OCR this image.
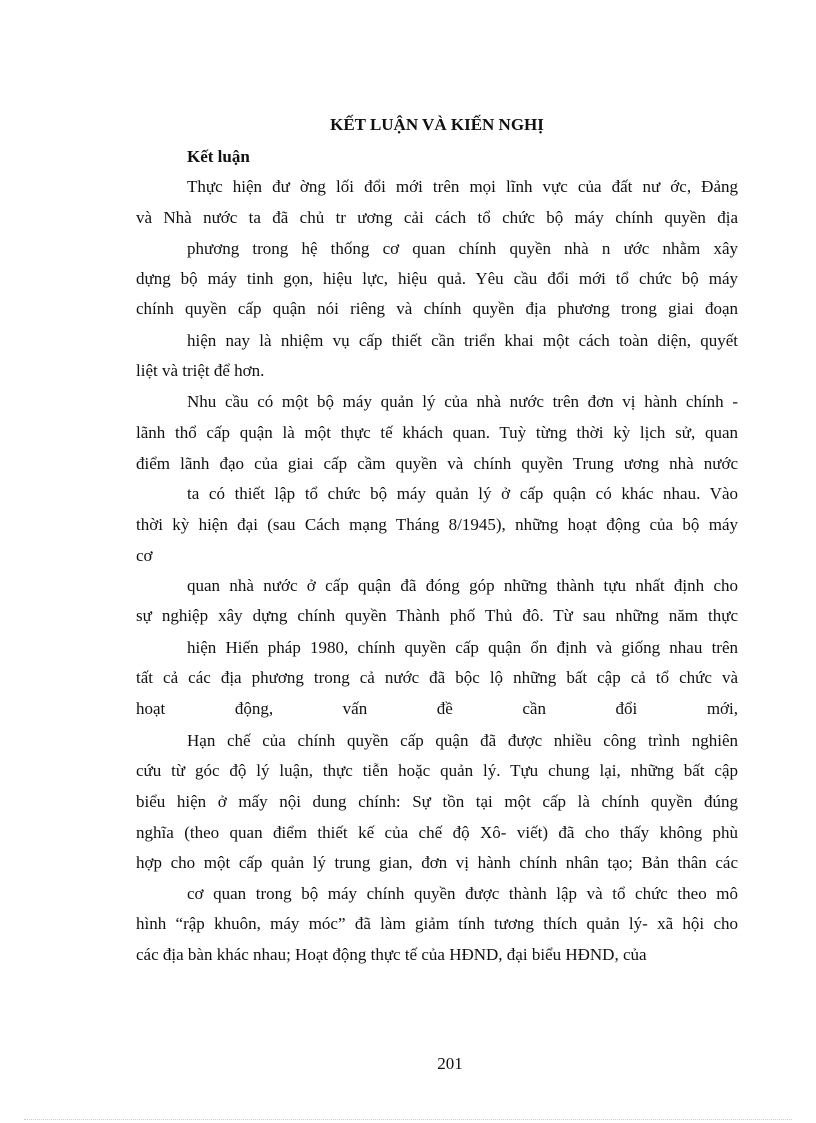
KẾT LUẬN VÀ KIẾN NGHỊ
Kết luận
Thực hiện đư ờng lối đổi mới trên mọi lĩnh vực của đất nư ớc, Đảng
và Nhà nước ta đã chủ tr ương cải cách tổ chức bộ máy chính quyền địa
phương trong hệ thống cơ quan chính quyền nhà n ước nhằm xây
dựng bộ máy tinh gọn, hiệu lực, hiệu quả. Yêu cầu đổi mới tổ chức bộ máy
chính quyền cấp quận nói riêng và chính quyền địa phương trong giai đoạn
hiện nay là nhiệm vụ cấp thiết cần triển khai một cách toàn diện, quyết
liệt và triệt để hơn.
Nhu cầu có một bộ máy quản lý của nhà nước trên đơn vị hành chính -
lãnh thổ cấp quận là một thực tế khách quan. Tuỳ từng thời kỳ lịch sử, quan
điểm lãnh đạo của giai cấp cầm quyền và chính quyền Trung ương nhà nước
ta có thiết lập tổ chức bộ máy quản lý ở cấp quận có khác nhau. Vào
thời kỳ hiện đại (sau Cách mạng Tháng 8/1945), những hoạt động của bộ máy
cơ
quan nhà nước ở cấp quận đã đóng góp những thành tựu nhất định cho
sự nghiệp xây dựng chính quyền Thành phố Thủ đô. Từ sau những năm thực
hiện Hiến pháp 1980, chính quyền cấp quận ổn định và giống nhau trên
tất cả các địa phương trong cả nước đã bộc lộ những bất cập cả tổ chức và
hoạt động, vấn đề cần đổi mới,
Hạn chế của chính quyền cấp quận đã được nhiều công trình nghiên
cứu từ góc độ lý luận, thực tiễn hoặc quản lý. Tựu chung lại, những bất cập
biểu hiện ở mấy nội dung chính: Sự tồn tại một cấp là chính quyền đúng
nghĩa (theo quan điểm thiết kế của chế độ Xô- viết) đã cho thấy không phù
hợp cho một cấp quản lý trung gian, đơn vị hành chính nhân tạo; Bản thân các
cơ quan trong bộ máy chính quyền được thành lập và tổ chức theo mô
hình “rập khuôn, máy móc” đã làm giảm tính tương thích quản lý- xã hội cho
các địa bàn khác nhau; Hoạt động thực tế của HĐND, đại biểu HĐND, của
201
